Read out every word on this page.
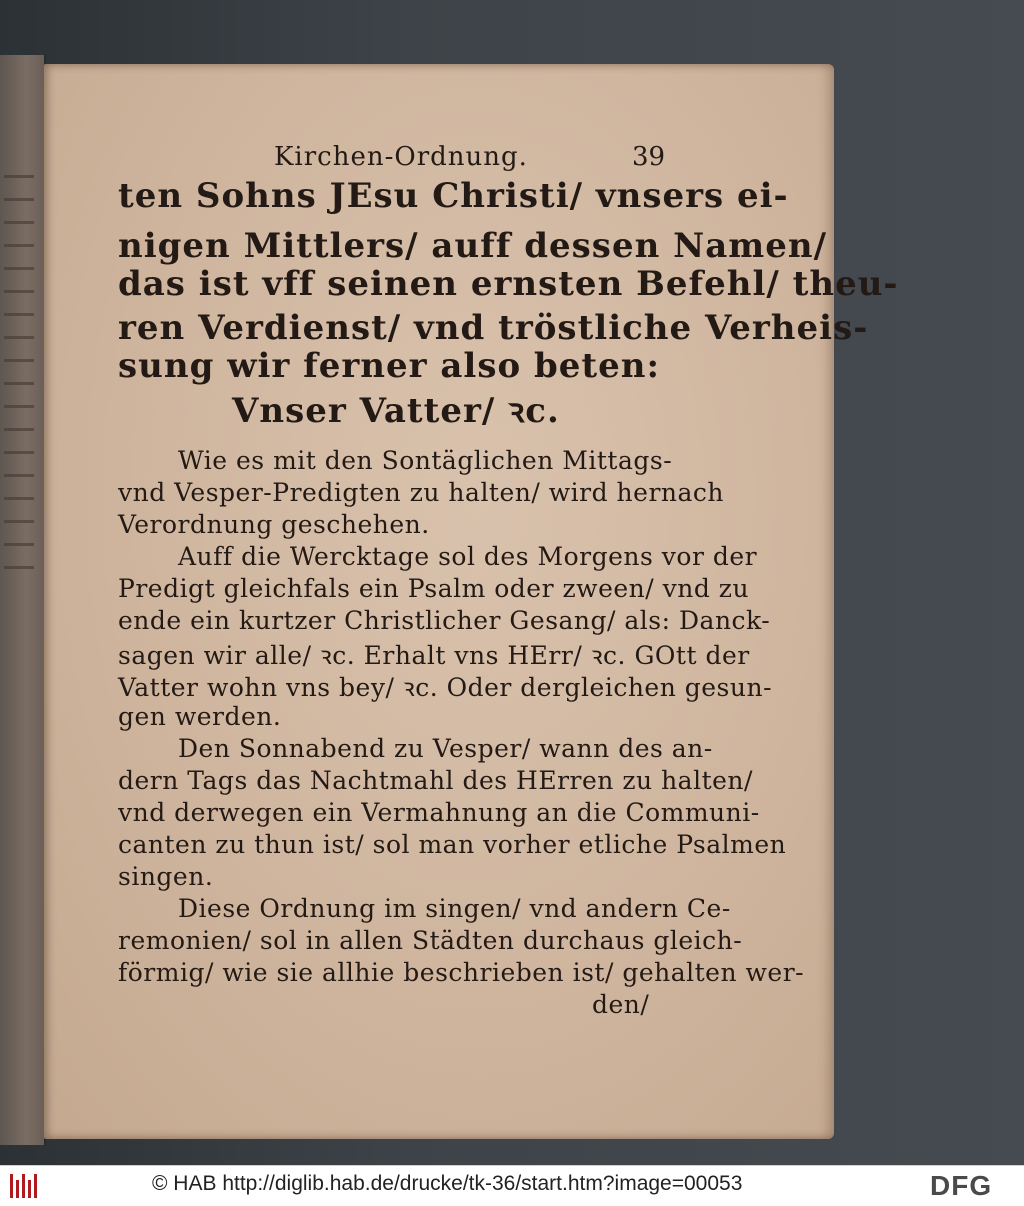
Kirchen-Ordnung.	39
ten Sohns JEsu Christi/ vnsers ei-
nigen Mittlers/ auff dessen Namen/
das ist vff seinen ernsten Befehl/ theu-
ren Verdienst/ vnd tröstliche Verheis-
sung wir ferner also beten:
Vnser Vatter/ ꝛc.
Wie es mit den Sontäglichen Mittags-
vnd Vesper-Predigten zu halten/ wird hernach
Verordnung geschehen.
Auff die Wercktage sol des Morgens vor der
Predigt gleichfals ein Psalm oder zween/ vnd zu
ende ein kurtzer Christlicher Gesang/ als: Danck-
sagen wir alle/ ꝛc. Erhalt vns HErr/ ꝛc. GOtt der
Vatter wohn vns bey/ ꝛc. Oder dergleichen gesun-
gen werden.
Den Sonnabend zu Vesper/ wann des an-
dern Tags das Nachtmahl des HErren zu halten/
vnd derwegen ein Vermahnung an die Communi-
canten zu thun ist/ sol man vorher etliche Psalmen
singen.
Diese Ordnung im singen/ vnd andern Ce-
remonien/ sol in allen Städten durchaus gleich-
förmig/ wie sie allhie beschrieben ist/ gehalten wer-
den/
© HAB http://diglib.hab.de/drucke/tk-36/start.htm?image=00053	DFG
